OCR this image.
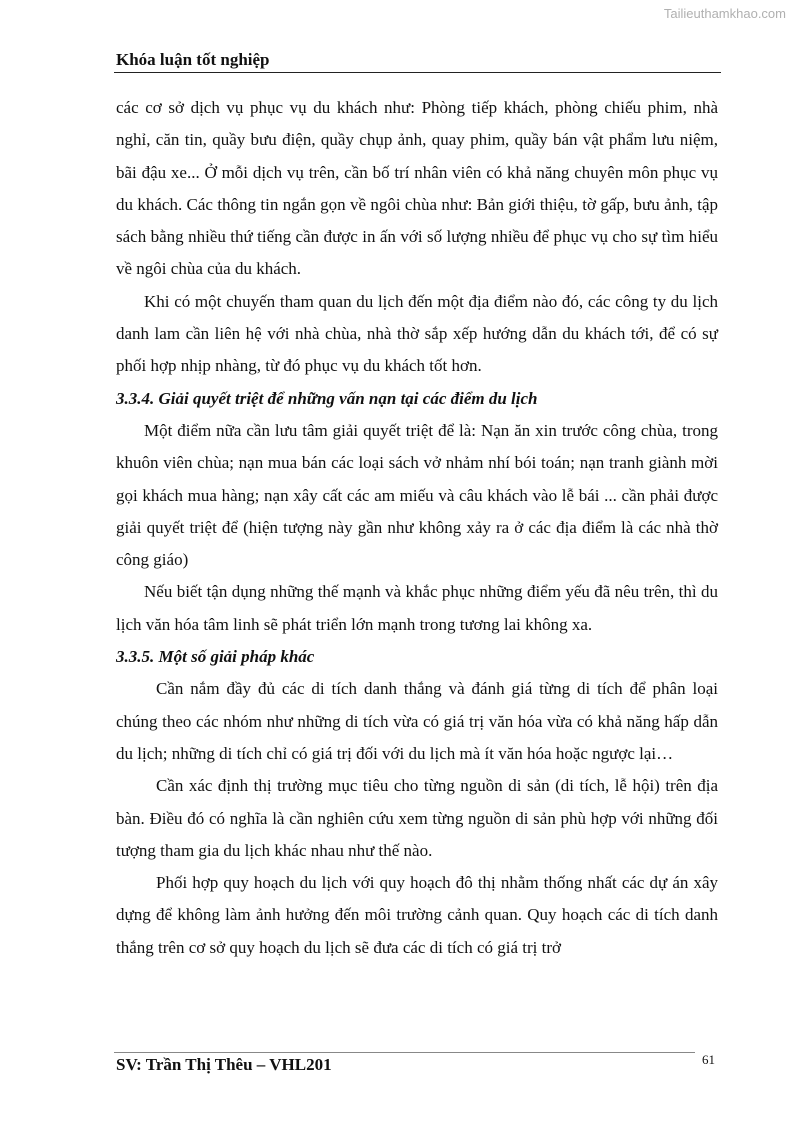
Tailieuthamkhao.com
Khóa luận tốt nghiệp

các cơ sở dịch vụ phục vụ du khách như: Phòng tiếp khách, phòng chiếu phim, nhà nghỉ, căn tin, quầy bưu điện, quầy chụp ảnh, quay phim, quầy bán vật phẩm lưu niệm, bãi đậu xe... Ở mỗi dịch vụ trên, cần bố trí nhân viên có khả năng chuyên môn phục vụ du khách. Các thông tin ngắn gọn về ngôi chùa như: Bản giới thiệu, tờ gấp, bưu ảnh, tập sách bằng nhiều thứ tiếng cần được in ấn với số lượng nhiều để phục vụ cho sự tìm hiểu về ngôi chùa của du khách.

Khi có một chuyến tham quan du lịch đến một địa điểm nào đó, các công ty du lịch danh lam cần liên hệ với nhà chùa, nhà thờ sắp xếp hướng dẫn du khách tới, để có sự phối hợp nhịp nhàng, từ đó phục vụ du khách tốt hơn.

3.3.4. Giải quyết triệt để những vấn nạn tại các điểm du lịch

Một điểm nữa cần lưu tâm giải quyết triệt để là: Nạn ăn xin trước công chùa, trong khuôn viên chùa; nạn mua bán các loại sách vở nhảm nhí bói toán; nạn tranh giành mời gọi khách mua hàng; nạn xây cất các am miếu và câu khách vào lễ bái ... cần phải được giải quyết triệt để (hiện tượng này gần như không xảy ra ở các địa điểm là các nhà thờ công giáo)

Nếu biết tận dụng những thế mạnh và khắc phục những điểm yếu đã nêu trên, thì du lịch văn hóa tâm linh sẽ phát triển lớn mạnh trong tương lai không xa.

3.3.5. Một số giải pháp khác

Cần nắm đầy đủ các di tích danh thắng và đánh giá từng di tích để phân loại chúng theo các nhóm như những di tích vừa có giá trị văn hóa vừa có khả năng hấp dẫn du lịch; những di tích chỉ có giá trị đối với du lịch mà ít văn hóa hoặc ngược lại…

Cần xác định thị trường mục tiêu cho từng nguồn di sản (di tích, lễ hội) trên địa bàn. Điều đó có nghĩa là cần nghiên cứu xem từng nguồn di sản phù hợp với những đối tượng tham gia du lịch khác nhau như thế nào.

Phối hợp quy hoạch du lịch với quy hoạch đô thị nhằm thống nhất các dự án xây dựng để không làm ảnh hưởng đến môi trường cảnh quan. Quy hoạch các di tích danh thắng trên cơ sở quy hoạch du lịch sẽ đưa các di tích có giá trị trở

SV: Trần Thị Thêu – VHL201	61
